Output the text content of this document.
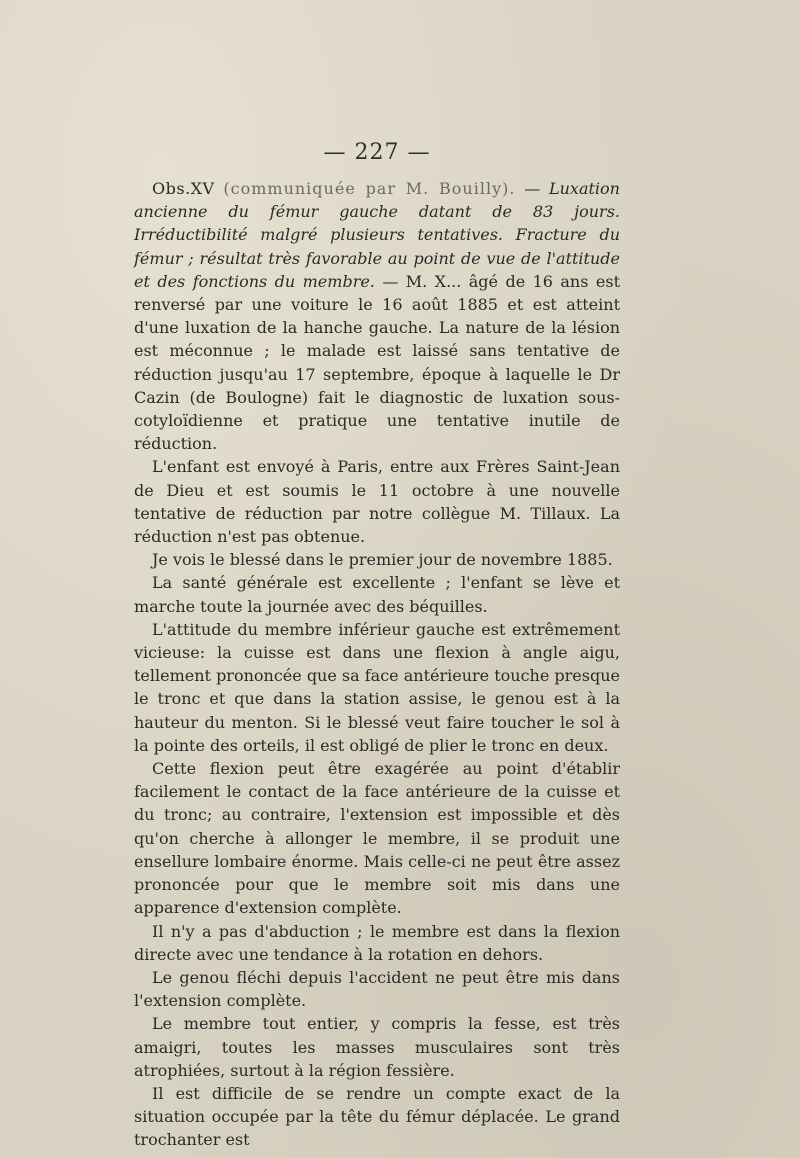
— 227 —

Obs.XV (communiquée par M. Bouilly). — Luxation ancienne du fémur gauche datant de 83 jours. Irréductibilité malgré plusieurs tentatives. Fracture du fémur ; résultat très favorable au point de vue de l'attitude et des fonctions du membre. — M. X... âgé de 16 ans est renversé par une voiture le 16 août 1885 et est atteint d'une luxation de la hanche gauche. La nature de la lésion est méconnue ; le malade est laissé sans tentative de réduction jusqu'au 17 septembre, époque à laquelle le Dr Cazin (de Boulogne) fait le diagnostic de luxation sous-cotyloïdienne et pratique une tentative inutile de réduction.

L'enfant est envoyé à Paris, entre aux Frères Saint-Jean de Dieu et est soumis le 11 octobre à une nouvelle tentative de réduction par notre collègue M. Tillaux. La réduction n'est pas obtenue.

Je vois le blessé dans le premier jour de novembre 1885.

La santé générale est excellente ; l'enfant se lève et marche toute la journée avec des béquilles.

L'attitude du membre inférieur gauche est extrêmement vicieuse: la cuisse est dans une flexion à angle aigu, tellement prononcée que sa face antérieure touche presque le tronc et que dans la station assise, le genou est à la hauteur du menton. Si le blessé veut faire toucher le sol à la pointe des orteils, il est obligé de plier le tronc en deux.

Cette flexion peut être exagérée au point d'établir facilement le contact de la face antérieure de la cuisse et du tronc; au contraire, l'extension est impossible et dès qu'on cherche à allonger le membre, il se produit une ensellure lombaire énorme. Mais celle-ci ne peut être assez prononcée pour que le membre soit mis dans une apparence d'extension complète.

Il n'y a pas d'abduction ; le membre est dans la flexion directe avec une tendance à la rotation en dehors.

Le genou fléchi depuis l'accident ne peut être mis dans l'extension complète.

Le membre tout entier, y compris la fesse, est très amaigri, toutes les masses musculaires sont très atrophiées, surtout à la région fessière.

Il est difficile de se rendre un compte exact de la situation occupée par la tête du fémur déplacée. Le grand trochanter est
